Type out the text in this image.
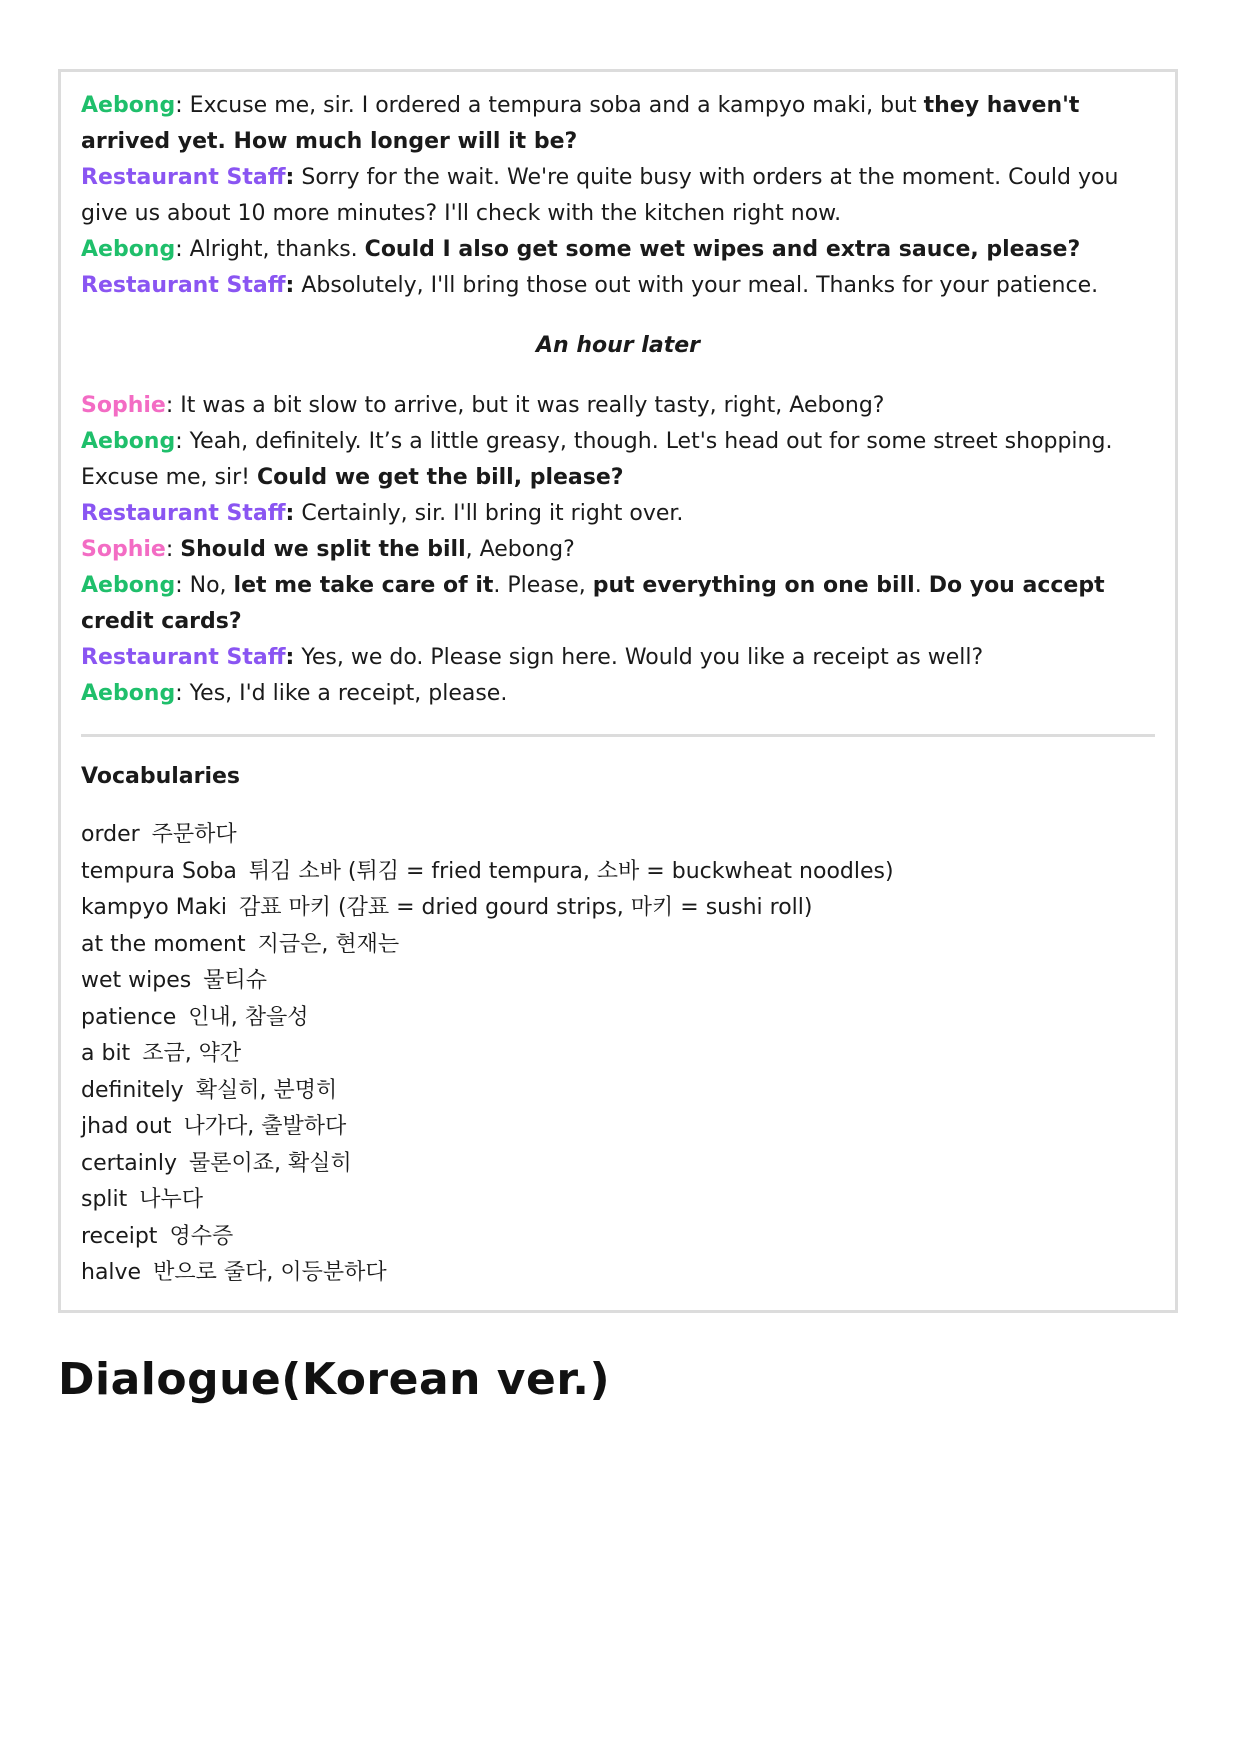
Aebong: Excuse me, sir. I ordered a tempura soba and a kampyo maki, but they haven't arrived yet. How much longer will it be?

Restaurant Staff: Sorry for the wait. We're quite busy with orders at the moment. Could you give us about 10 more minutes? I'll check with the kitchen right now.

Aebong: Alright, thanks. Could I also get some wet wipes and extra sauce, please?

Restaurant Staff: Absolutely, I'll bring those out with your meal. Thanks for your patience.

An hour later

Sophie: It was a bit slow to arrive, but it was really tasty, right, Aebong?

Aebong: Yeah, definitely. It’s a little greasy, though. Let's head out for some street shopping. Excuse me, sir! Could we get the bill, please?

Restaurant Staff: Certainly, sir. I'll bring it right over.

Sophie: Should we split the bill, Aebong?

Aebong: No, let me take care of it. Please, put everything on one bill. Do you accept credit cards?

Restaurant Staff: Yes, we do. Please sign here. Would you like a receipt as well?

Aebong: Yes, I'd like a receipt, please.

Vocabularies

order 주문하다

tempura Soba 튀김 소바 (튀김 = fried tempura, 소바 = buckwheat noodles)

kampyo Maki 감표 마키 (감표 = dried gourd strips, 마키 = sushi roll)

at the moment 지금은, 현재는

wet wipes 물티슈

patience 인내, 참을성

a bit 조금, 약간

definitely 확실히, 분명히

jhad out 나가다, 출발하다

certainly 물론이죠, 확실히

split 나누다

receipt 영수증

halve 반으로 줄다, 이등분하다

Dialogue(Korean ver.)
